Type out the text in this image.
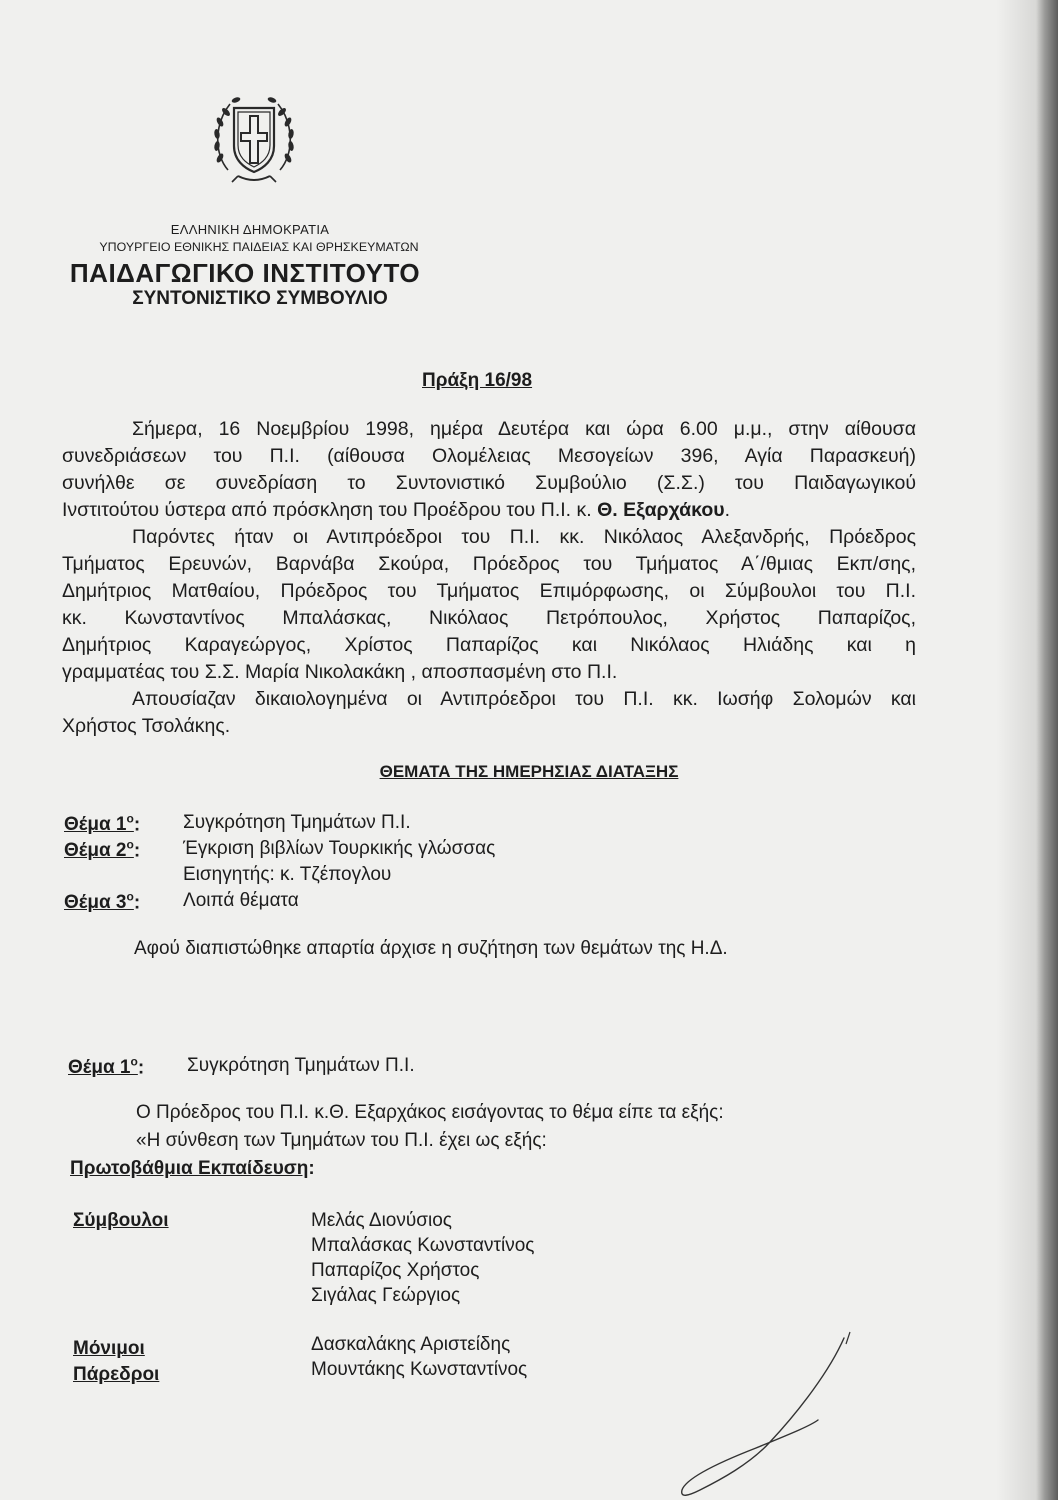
ΕΛΛΗΝΙΚΗ ΔΗΜΟΚΡΑΤΙΑ
ΥΠΟΥΡΓΕΙΟ ΕΘΝΙΚΗΣ ΠΑΙΔΕΙΑΣ ΚΑΙ ΘΡΗΣΚΕΥΜΑΤΩΝ
ΠΑΙΔΑΓΩΓΙΚΟ ΙΝΣΤΙΤΟΥΤΟ
ΣΥΝΤΟΝΙΣΤΙΚΟ ΣΥΜΒΟΥΛΙΟ
Πράξη 16/98
Σήμερα, 16 Νοεμβρίου 1998, ημέρα Δευτέρα και ώρα 6.00 μ.μ., στην αίθουσα
συνεδριάσεων του Π.Ι. (αίθουσα Ολομέλειας Μεσογείων 396, Αγία Παρασκευή)
συνήλθε σε συνεδρίαση το Συντονιστικό Συμβούλιο (Σ.Σ.) του Παιδαγωγικού
Ινστιτούτου ύστερα από πρόσκληση του Προέδρου του Π.Ι. κ. Θ. Εξαρχάκου.
Παρόντες ήταν οι Αντιπρόεδροι του Π.Ι. κκ. Νικόλαος Αλεξανδρής, Πρόεδρος
Τμήματος Ερευνών, Βαρνάβα Σκούρα, Πρόεδρος του Τμήματος Α΄/θμιας Εκπ/σης,
Δημήτριος Ματθαίου, Πρόεδρος του Τμήματος Επιμόρφωσης, οι Σύμβουλοι του Π.Ι.
κκ. Κωνσταντίνος Μπαλάσκας, Νικόλαος Πετρόπουλος, Χρήστος Παπαρίζος,
Δημήτριος Καραγεώργος, Χρίστος Παπαρίζος και Νικόλαος Ηλιάδης και η
γραμματέας του Σ.Σ. Μαρία Νικολακάκη , αποσπασμένη στο Π.Ι.
Απουσίαζαν δικαιολογημένα οι Αντιπρόεδροι του Π.Ι. κκ. Ιωσήφ Σολομών και
Χρήστος Τσολάκης.
ΘΕΜΑΤΑ ΤΗΣ ΗΜΕΡΗΣΙΑΣ ΔΙΑΤΑΞΗΣ
Θέμα $1^o$: Συγκρότηση Τμημάτων Π.Ι.
Θέμα $2^o$: Έγκριση βιβλίων Τουρκικής γλώσσας
Εισηγητής: κ. Τζέπογλου
Θέμα $3^o$: Λοιπά θέματα
Αφού διαπιστώθηκε απαρτία άρχισε η συζήτηση των θεμάτων της Η.Δ.
Θέμα $1^o$: Συγκρότηση Τμημάτων Π.Ι.
Ο Πρόεδρος του Π.Ι. κ.Θ. Εξαρχάκος εισάγοντας το θέμα είπε τα εξής:
«Η σύνθεση των Τμημάτων του Π.Ι. έχει ως εξής:
Πρωτοβάθμια Εκπαίδευση:
Σύμβουλοι	Μελάς Διονύσιος
Μπαλάσκας Κωνσταντίνος
Παπαρίζος Χρήστος
Σιγάλας Γεώργιος
Μόνιμοι
Πάρεδροι
Δασκαλάκης Αριστείδης
Μουντάκης Κωνσταντίνος
